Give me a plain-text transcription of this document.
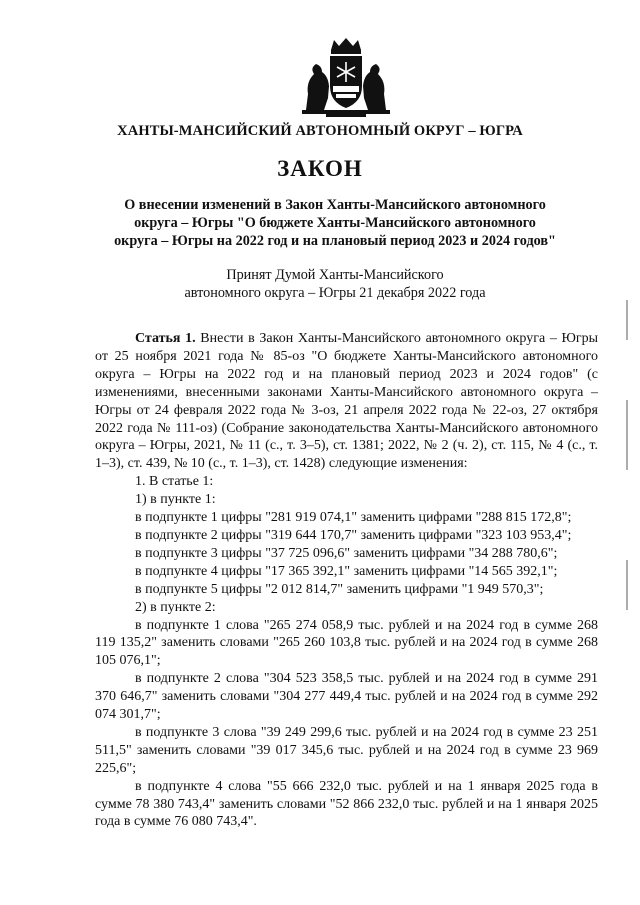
ХАНТЫ-МАНСИЙСКИЙ АВТОНОМНЫЙ ОКРУГ – ЮГРА
ЗАКОН
О внесении изменений в Закон Ханты-Мансийского автономного
округа – Югры "О бюджете Ханты-Мансийского автономного
округа – Югры на 2022 год и на плановый период 2023 и 2024 годов"
Принят Думой Ханты-Мансийского
автономного округа – Югры 21 декабря 2022 года
Статья 1. Внести в Закон Ханты-Мансийского автономного округа – Югры от 25 ноября 2021 года № 85-оз "О бюджете Ханты-Мансийского автономного округа – Югры на 2022 год и на плановый период 2023 и 2024 годов" (с изменениями, внесенными законами Ханты-Мансийского автономного округа – Югры от 24 февраля 2022 года № 3-оз, 21 апреля 2022 года № 22-оз, 27 октября 2022 года № 111-оз) (Собрание законодательства Ханты-Мансийского автономного округа – Югры, 2021, № 11 (с., т. 3–5), ст. 1381; 2022, № 2 (ч. 2), ст. 115, № 4 (с., т. 1–3), ст. 439, № 10 (с., т. 1–3), ст. 1428) следующие изменения:
1. В статье 1:
1) в пункте 1:
в подпункте 1 цифры "281 919 074,1" заменить цифрами "288 815 172,8";
в подпункте 2 цифры "319 644 170,7" заменить цифрами "323 103 953,4";
в подпункте 3 цифры "37 725 096,6" заменить цифрами "34 288 780,6";
в подпункте 4 цифры "17 365 392,1" заменить цифрами "14 565 392,1";
в подпункте 5 цифры "2 012 814,7" заменить цифрами "1 949 570,3";
2) в пункте 2:
в подпункте 1 слова "265 274 058,9 тыс. рублей и на 2024 год в сумме 268 119 135,2" заменить словами "265 260 103,8 тыс. рублей и на 2024 год в сумме 268 105 076,1";
в подпункте 2 слова "304 523 358,5 тыс. рублей и на 2024 год в сумме 291 370 646,7" заменить словами "304 277 449,4 тыс. рублей и на 2024 год в сумме 292 074 301,7";
в подпункте 3 слова "39 249 299,6 тыс. рублей и на 2024 год в сумме 23 251 511,5" заменить словами "39 017 345,6 тыс. рублей и на 2024 год в сумме 23 969 225,6";
в подпункте 4 слова "55 666 232,0 тыс. рублей и на 1 января 2025 года в сумме 78 380 743,4" заменить словами "52 866 232,0 тыс. рублей и на 1 января 2025 года в сумме 76 080 743,4".
